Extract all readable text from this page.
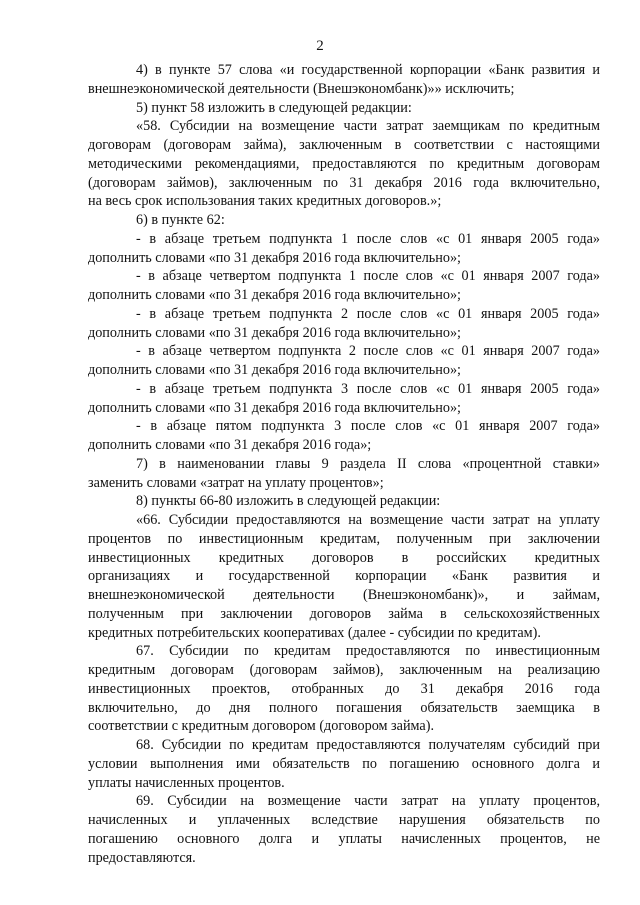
2
4) в пункте 57 слова «и государственной корпорации «Банк развития и
внешнеэкономической деятельности (Внешэкономбанк)»» исключить;
5) пункт 58 изложить в следующей редакции:
«58. Субсидии на возмещение части затрат заемщикам по кредитным
договорам (договорам займа), заключенным в соответствии с настоящими
методическими рекомендациями, предоставляются по кредитным договорам
(договорам займов), заключенным по 31 декабря 2016 года включительно,
на весь срок использования таких кредитных договоров.»;
6) в пункте 62:
- в абзаце третьем подпункта 1 после слов «с 01 января 2005 года»
дополнить словами «по 31 декабря 2016 года включительно»;
- в абзаце четвертом подпункта 1 после слов «с 01 января 2007 года»
дополнить словами «по 31 декабря 2016 года включительно»;
- в абзаце третьем подпункта 2 после слов «с 01 января 2005 года»
дополнить словами «по 31 декабря 2016 года включительно»;
- в абзаце четвертом подпункта 2 после слов «с 01 января 2007 года»
дополнить словами «по 31 декабря 2016 года включительно»;
- в абзаце третьем подпункта 3 после слов «с 01 января 2005 года»
дополнить словами «по 31 декабря 2016 года включительно»;
- в абзаце пятом подпункта 3 после слов «с 01 января 2007 года»
дополнить словами «по 31 декабря 2016 года»;
7) в наименовании главы 9 раздела II слова «процентной ставки»
заменить словами «затрат на уплату процентов»;
8) пункты 66-80 изложить в следующей редакции:
«66. Субсидии предоставляются на возмещение части затрат на уплату
процентов по инвестиционным кредитам, полученным при заключении
инвестиционных кредитных договоров в российских кредитных
организациях и государственной корпорации «Банк развития и
внешнеэкономической деятельности (Внешэкономбанк)», и займам,
полученным при заключении договоров займа в сельскохозяйственных
кредитных потребительских кооперативах (далее - субсидии по кредитам).
67. Субсидии по кредитам предоставляются по инвестиционным
кредитным договорам (договорам займов), заключенным на реализацию
инвестиционных проектов, отобранных до 31 декабря 2016 года
включительно, до дня полного погашения обязательств заемщика в
соответствии с кредитным договором (договором займа).
68. Субсидии по кредитам предоставляются получателям субсидий при
условии выполнения ими обязательств по погашению основного долга и
уплаты начисленных процентов.
69. Субсидии на возмещение части затрат на уплату процентов,
начисленных и уплаченных вследствие нарушения обязательств по
погашению основного долга и уплаты начисленных процентов, не
предоставляются.
